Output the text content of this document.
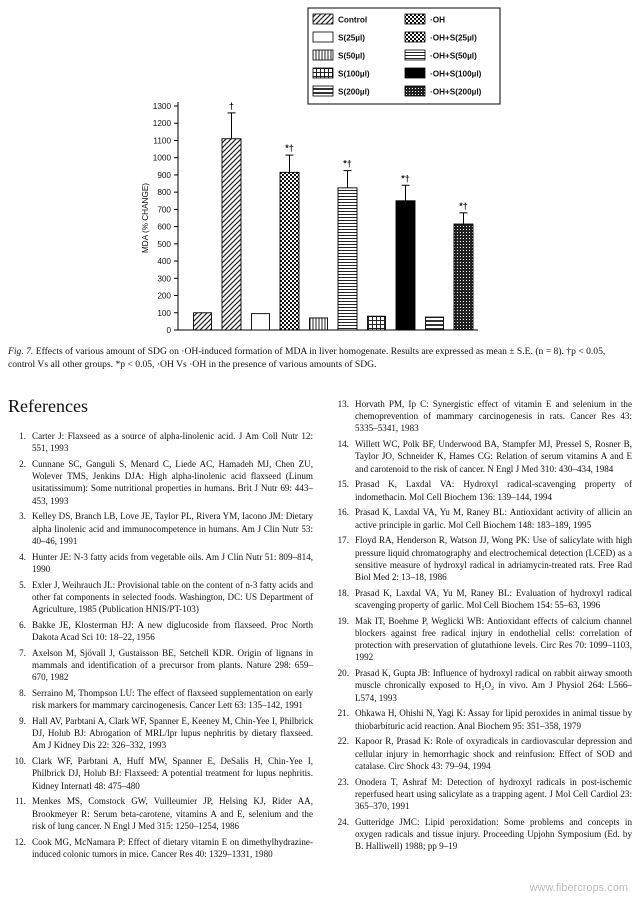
0
100
200
300
400
500
600
700
800
900
1000
1100
1200
1300
MDA (% CHANGE)
†
*†
*†
*†
*†
Control	·OH
S(25µl)	·OH+S(25µl)
S(50µl)	·OH+S(50µl)
S(100µl)	·OH+S(100µl)
S(200µl)	·OH+S(200µl)
Fig. 7. Effects of various amount of SDG on ·OH-induced formation of MDA in liver homogenate. Results are expressed as mean ± S.E. (n = 8). †p < 0.05, control Vs all other groups. *p < 0.05, ·OH Vs ·OH in the presence of various amounts of SDG.
References
1. Carter J: Flaxseed as a source of alpha-linolenic acid. J Am Coll Nutr 12: 551, 1993
2. Cunnane SC, Ganguli S, Menard C, Liede AC, Hamadeh MJ, Chen ZU, Wolever TMS, Jenkins DJA: High alpha-linolenic acid flaxseed (Linum usitatissimum): Some nutritional properties in humans. Brit J Nutr 69: 443–453, 1993
3. Kelley DS, Branch LB, Love JE, Taylor PL, Rivera YM, Iacono JM: Dietary alpha linolenic acid and immunocompetence in humans. Am J Clin Nutr 53: 40–46, 1991
4. Hunter JE: N-3 fatty acids from vegetable oils. Am J Clin Nutr 51: 809–814, 1990
5. Exler J, Weihrauch JL: Provisional table on the content of n-3 fatty acids and other fat components in selected foods. Washington, DC: US Department of Agriculture, 1985 (Publication HNIS/PT-103)
6. Bakke JE, Klosterman HJ: A new diglucoside from flaxseed. Proc North Dakota Acad Sci 10: 18–22, 1956
7. Axelson M, Sjövall J, Gustaisson BE, Setchell KDR. Origin of lignans in mammals and identification of a precursor from plants. Nature 298: 659–670, 1982
8. Serraino M, Thompson LU: The effect of flaxseed supplementation on early risk markers for mammary carcinogenesis. Cancer Lett 63: 135–142, 1991
9. Hall AV, Parbtani A, Clark WF, Spanner E, Keeney M, Chin-Yee I, Philbrick DJ, Holub BJ: Abrogation of MRL/lpr lupus nephritis by dietary flaxseed. Am J Kidney Dis 22: 326–332, 1993
10. Clark WF, Parbtani A, Huff MW, Spanner E, DeSalis H, Chin-Yee I, Philbrick DJ, Holub BJ: Flaxseed: A potential treatment for lupus nephritis. Kidney Internatl 48: 475–480
11. Menkes MS, Comstock GW, Vuilleumier JP, Helsing KJ, Rider AA, Brookmeyer R: Serum beta-carotene, vitamins A and E, selenium and the risk of lung cancer. N Engl J Med 315: 1250–1254, 1986
12. Cook MG, McNamara P: Effect of dietary vitamin E on dimethylhydrazine-induced colonic tumors in mice. Cancer Res 40: 1329–1331, 1980
13. Horvath PM, Ip C: Synergistic effect of vitamin E and selenium in the chemoprevention of mammary carcinogenesis in rats. Cancer Res 43: 5335–5341, 1983
14. Willett WC, Polk BF, Underwood BA, Stampfer MJ, Pressel S, Rosner B, Taylor JO, Schneider K, Hames CG: Relation of serum vitamins A and E and carotenoid to the risk of cancer. N Engl J Med 310: 430–434, 1984
15. Prasad K, Laxdal VA: Hydroxyl radical-scavenging property of indomethacin. Mol Cell Biochem 136: 139–144, 1994
16. Prasad K, Laxdal VA, Yu M, Raney BL: Antioxidant activity of allicin an active principle in garlic. Mol Cell Biochem 148: 183–189, 1995
17. Floyd RA, Henderson R, Watson JJ, Wong PK: Use of salicylate with high pressure liquid chromatography and electrochemical detection (LCED) as a sensitive measure of hydroxyl radical in adriamycin-treated rats. Free Rad Biol Med 2: 13–18, 1986
18. Prasad K, Laxdal VA, Yu M, Raney BL: Evaluation of hydroxyl radical scavenging property of garlic. Mol Cell Biochem 154: 55–63, 1996
19. Mak IT, Boehme P, Weglicki WB: Antioxidant effects of calcium channel blockers against free radical injury in endothelial cells: correlation of protection with preservation of glutathione levels. Circ Res 70: 1099–1103, 1992
20. Prasad K, Gupta JB: Influence of hydroxyl radical on rabbit airway smooth muscle chronically exposed to H₂O₂ in vivo. Am J Physiol 264: L566–L574, 1993
21. Ohkawa H, Ohishi N, Yagi K: Assay for lipid peroxides in animal tissue by thiobarbituric acid reaction. Anal Biochem 95: 351–358, 1979
22. Kapoor R, Prasad K: Role of oxyradicals in cardiovascular depression and cellular injury in hemorrhagic shock and reinfusion: Effect of SOD and catalase. Circ Shock 43: 79–94, 1994
23. Onodera T, Ashraf M: Detection of hydroxyl radicals in post-ischemic reperfused heart using salicylate as a trapping agent. J Mol Cell Cardiol 23: 365–370, 1991
24. Gutteridge JMC: Lipid peroxidation: Some problems and concepts in oxygen radicals and tissue injury. Proceeding Upjohn Symposium (Ed. by B. Halliwell) 1988; pp 9–19
www.fibercrops.com
